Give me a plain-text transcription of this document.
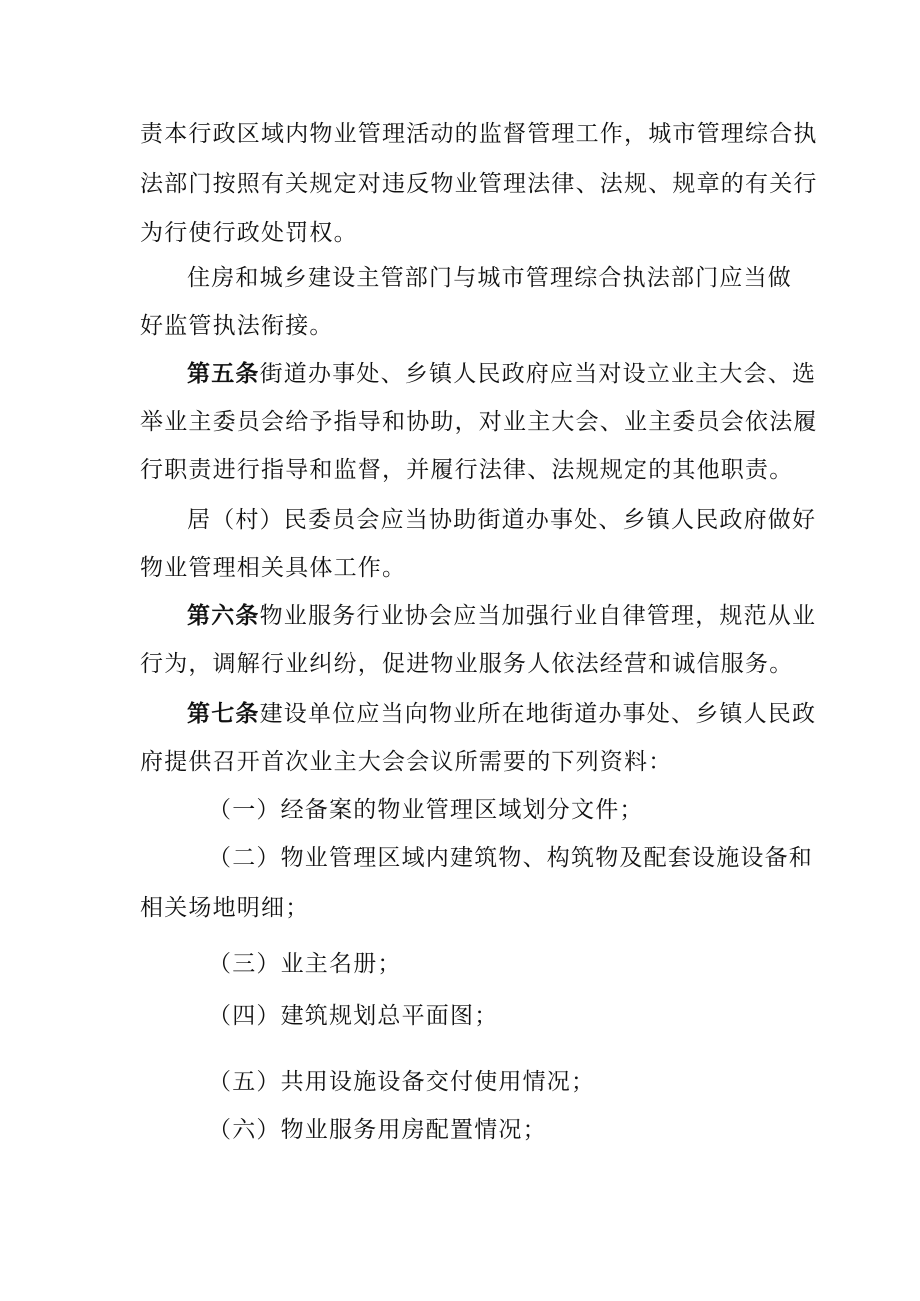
责本行政区域内物业管理活动的监督管理工作，城市管理综合执
法部门按照有关规定对违反物业管理法律、法规、规章的有关行
为行使行政处罚权。
住房和城乡建设主管部门与城市管理综合执法部门应当做
好监管执法衔接。
第五条街道办事处、乡镇人民政府应当对设立业主大会、选
举业主委员会给予指导和协助，对业主大会、业主委员会依法履
行职责进行指导和监督，并履行法律、法规规定的其他职责。
居（村）民委员会应当协助街道办事处、乡镇人民政府做好
物业管理相关具体工作。
第六条物业服务行业协会应当加强行业自律管理，规范从业
行为，调解行业纠纷，促进物业服务人依法经营和诚信服务。
第七条建设单位应当向物业所在地街道办事处、乡镇人民政
府提供召开首次业主大会会议所需要的下列资料：
（一）经备案的物业管理区域划分文件；
（二）物业管理区域内建筑物、构筑物及配套设施设备和
相关场地明细；
（三）业主名册；
（四）建筑规划总平面图；
（五）共用设施设备交付使用情况；
（六）物业服务用房配置情况；
